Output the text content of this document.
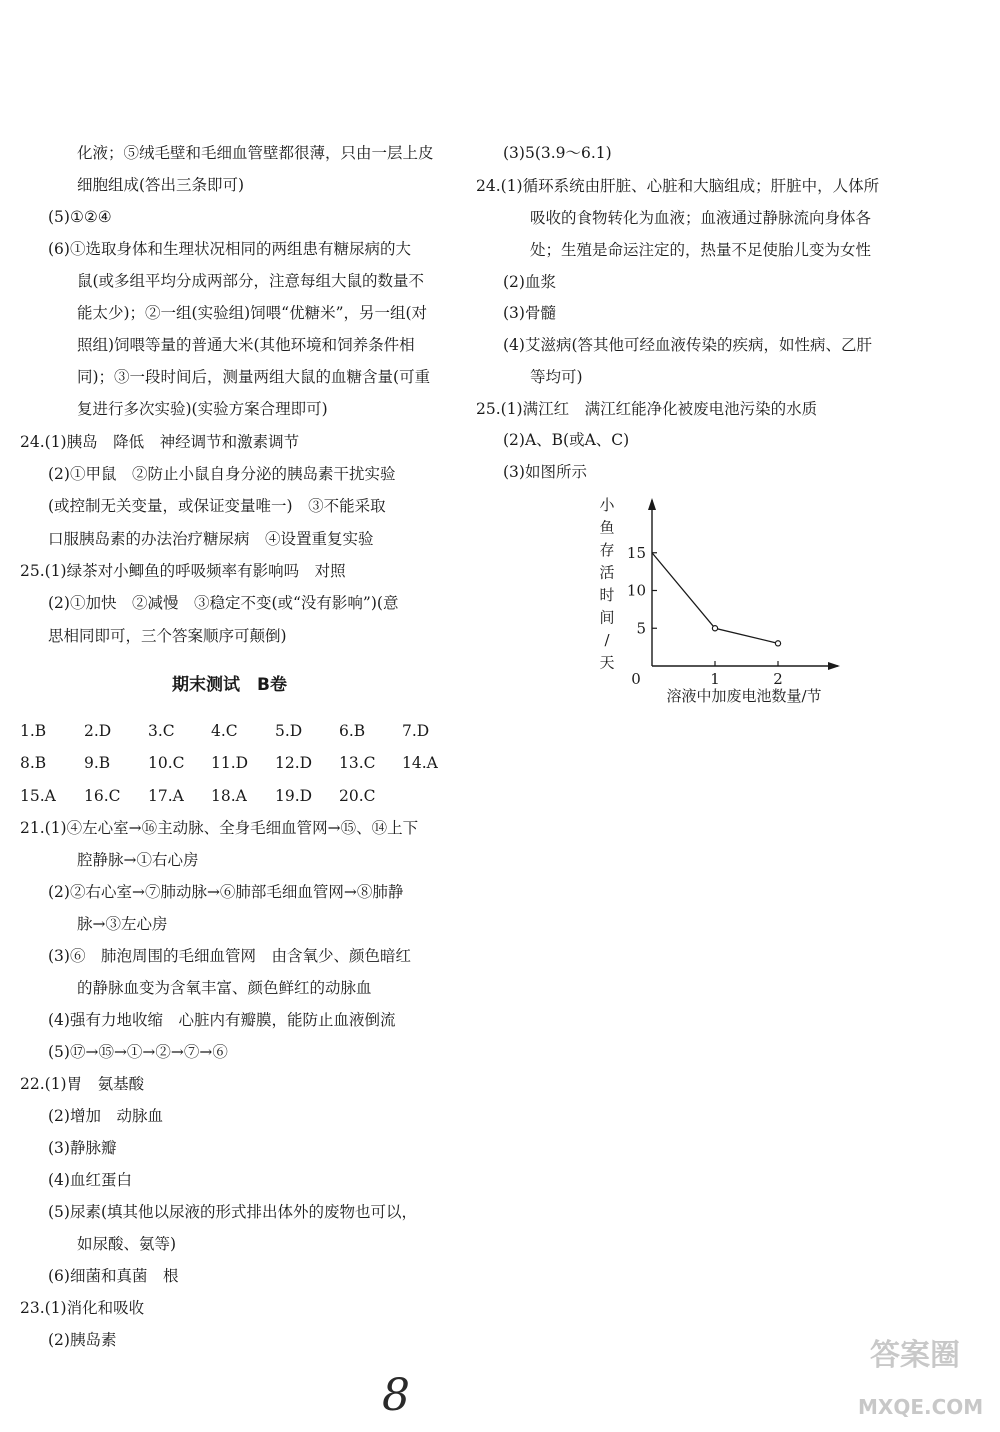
化液；⑤绒毛壁和毛细血管壁都很薄，只由一层上皮
细胞组成(答出三条即可)
(5)①②④
(6)①选取身体和生理状况相同的两组患有糖尿病的大
鼠(或多组平均分成两部分，注意每组大鼠的数量不
能太少)；②一组(实验组)饲喂“优糖米”，另一组(对
照组)饲喂等量的普通大米(其他环境和饲养条件相
同)；③一段时间后，测量两组大鼠的血糖含量(可重
复进行多次实验)(实验方案合理即可)
24.(1)胰岛　降低　神经调节和激素调节
(2)①甲鼠　②防止小鼠自身分泌的胰岛素干扰实验
(或控制无关变量，或保证变量唯一)　③不能采取
口服胰岛素的办法治疗糖尿病　④设置重复实验
25.(1)绿茶对小鲫鱼的呼吸频率有影响吗　对照
(2)①加快　②减慢　③稳定不变(或“没有影响”)(意
思相同即可，三个答案顺序可颠倒)
期末测试　B卷
1.B 2.D 3.C 4.C 5.D 6.B 7.D
8.B 9.B 10.C 11.D 12.D 13.C 14.A
15.A 16.C 17.A 18.A 19.D 20.C
21.(1)④左心室→⑯主动脉、全身毛细血管网→⑮、⑭上下
腔静脉→①右心房
(2)②右心室→⑦肺动脉→⑥肺部毛细血管网→⑧肺静
脉→③左心房
(3)⑥　肺泡周围的毛细血管网　由含氧少、颜色暗红
的静脉血变为含氧丰富、颜色鲜红的动脉血
(4)强有力地收缩　心脏内有瓣膜，能防止血液倒流
(5)⑰→⑮→①→②→⑦→⑥
22.(1)胃　氨基酸
(2)增加　动脉血
(3)静脉瓣
(4)血红蛋白
(5)尿素(填其他以尿液的形式排出体外的废物也可以，
如尿酸、氨等)
(6)细菌和真菌　根
23.(1)消化和吸收
(2)胰岛素
(3)5(3.9～6.1)
24.(1)循环系统由肝脏、心脏和大脑组成；肝脏中，人体所
吸收的食物转化为血液；血液通过静脉流向身体各
处；生殖是命运注定的，热量不足使胎儿变为女性
(2)血浆
(3)骨髓
(4)艾滋病(答其他可经血液传染的疾病，如性病、乙肝
等均可)
25.(1)满江红　满江红能净化被废电池污染的水质
(2)A、B(或A、C)
(3)如图所示
5
10
15
1	2
0
小
鱼
存
活
时
间
/
天
溶液中加废电池数量/节
8
答案圈
MXQE.COM
